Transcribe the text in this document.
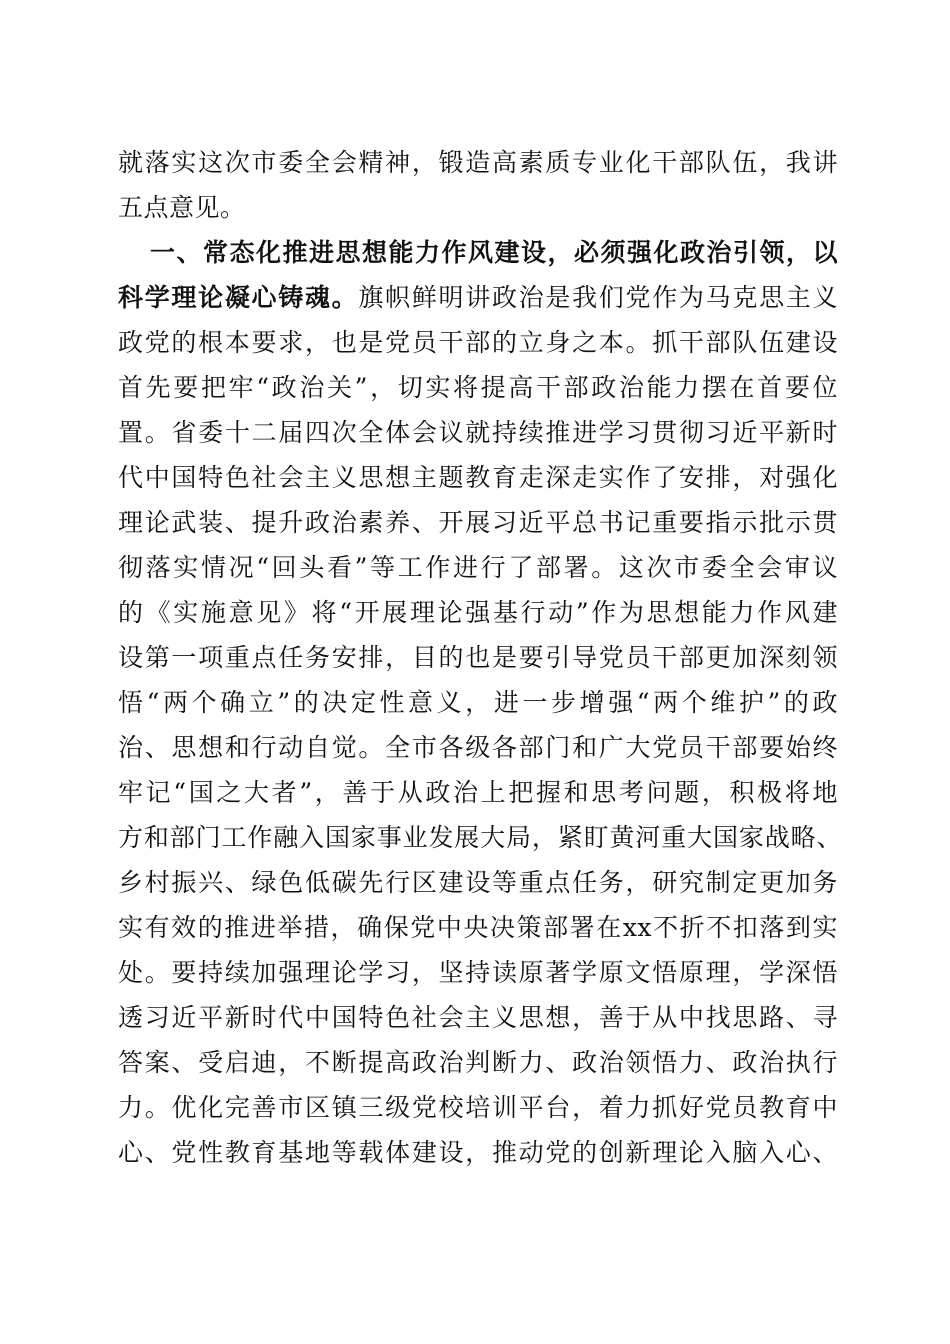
就落实这次市委全会精神，锻造高素质专业化干部队伍，我讲
五点意见。
一、常态化推进思想能力作风建设，必须强化政治引领，以
科学理论凝心铸魂。旗帜鲜明讲政治是我们党作为马克思主义
政党的根本要求，也是党员干部的立身之本。抓干部队伍建设
首先要把牢“政治关”，切实将提高干部政治能力摆在首要位
置。省委十二届四次全体会议就持续推进学习贯彻习近平新时
代中国特色社会主义思想主题教育走深走实作了安排，对强化
理论武装、提升政治素养、开展习近平总书记重要指示批示贯
彻落实情况“回头看”等工作进行了部署。这次市委全会审议
的《实施意见》将“开展理论强基行动”作为思想能力作风建
设第一项重点任务安排，目的也是要引导党员干部更加深刻领
悟“两个确立”的决定性意义，进一步增强“两个维护”的政
治、思想和行动自觉。全市各级各部门和广大党员干部要始终
牢记“国之大者”，善于从政治上把握和思考问题，积极将地
方和部门工作融入国家事业发展大局，紧盯黄河重大国家战略、
乡村振兴、绿色低碳先行区建设等重点任务，研究制定更加务
实有效的推进举措，确保党中央决策部署在xx不折不扣落到实
处。要持续加强理论学习，坚持读原著学原文悟原理，学深悟
透习近平新时代中国特色社会主义思想，善于从中找思路、寻
答案、受启迪，不断提高政治判断力、政治领悟力、政治执行
力。优化完善市区镇三级党校培训平台，着力抓好党员教育中
心、党性教育基地等载体建设，推动党的创新理论入脑入心、
